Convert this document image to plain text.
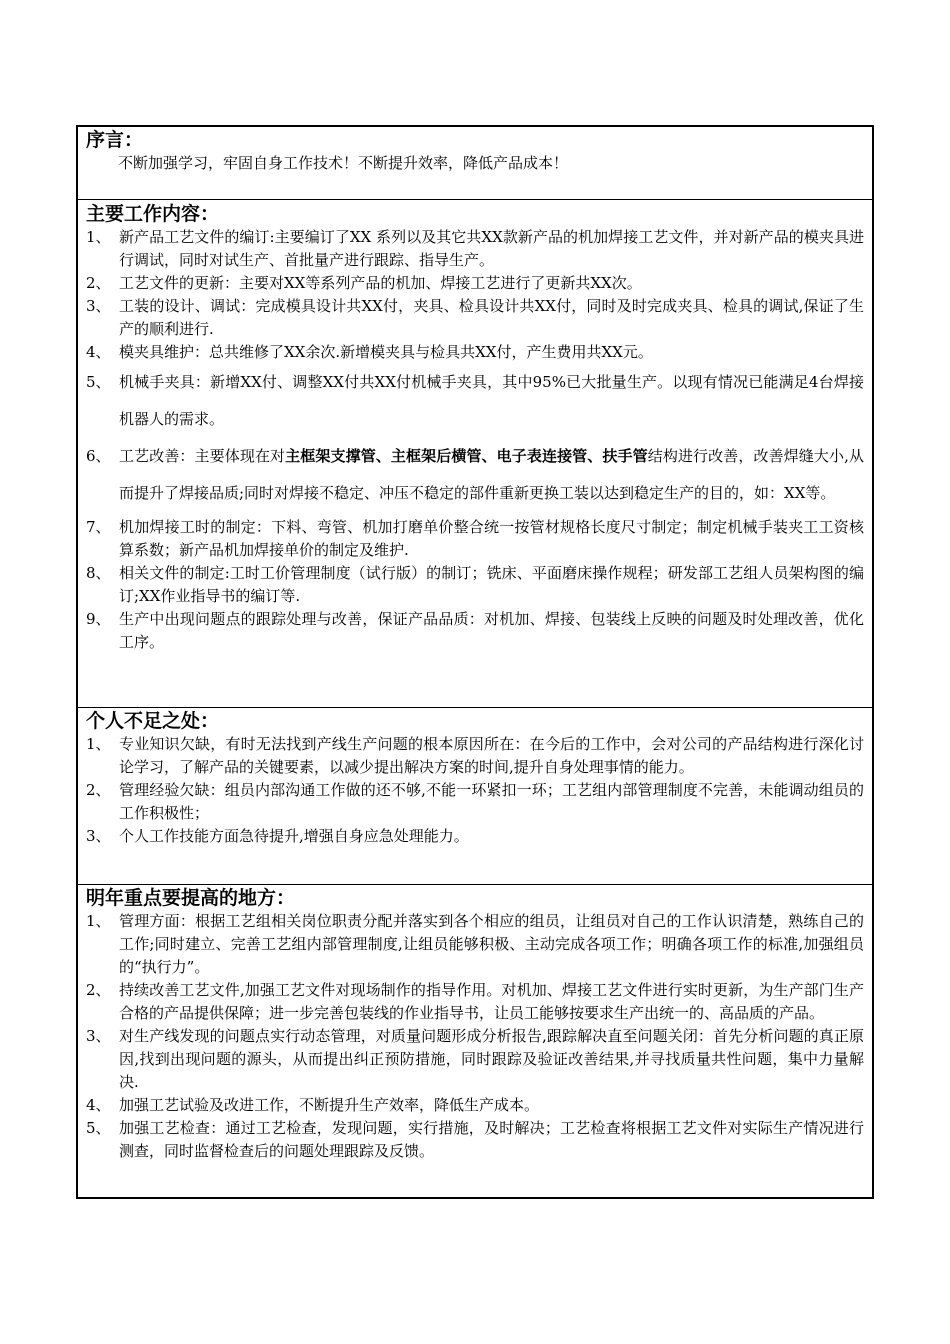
序言：
不断加强学习，牢固自身工作技术！不断提升效率，降低产品成本！
主要工作内容：
1、 新产品工艺文件的编订:主要编订了XX 系列以及其它共XX款新产品的机加焊接工艺文件，并对新产品的模夹具进行调试，同时对试生产、首批量产进行跟踪、指导生产。
2、 工艺文件的更新：主要对XX等系列产品的机加、焊接工艺进行了更新共XX次。
3、 工装的设计、调试：完成模具设计共XX付，夹具、检具设计共XX付，同时及时完成夹具、检具的调试,保证了生产的顺利进行.
4、 模夹具维护：总共维修了XX余次.新增模夹具与检具共XX付，产生费用共XX元。
5、 机械手夹具：新增XX付、调整XX付共XX付机械手夹具，其中95%已大批量生产。以现有情况已能满足4台焊接机器人的需求。
6、 工艺改善：主要体现在对主框架支撑管、主框架后横管、电子表连接管、扶手管结构进行改善，改善焊缝大小,从而提升了焊接品质;同时对焊接不稳定、冲压不稳定的部件重新更换工装以达到稳定生产的目的，如：XX等。
7、 机加焊接工时的制定：下料、弯管、机加打磨单价整合统一按管材规格长度尺寸制定；制定机械手装夹工工资核算系数；新产品机加焊接单价的制定及维护.
8、 相关文件的制定:工时工价管理制度（试行版）的制订；铣床、平面磨床操作规程；研发部工艺组人员架构图的编订;XX作业指导书的编订等.
9、 生产中出现问题点的跟踪处理与改善，保证产品品质：对机加、焊接、包装线上反映的问题及时处理改善，优化工序。
个人不足之处：
1、 专业知识欠缺，有时无法找到产线生产问题的根本原因所在：在今后的工作中，会对公司的产品结构进行深化讨论学习，了解产品的关键要素，以减少提出解决方案的时间,提升自身处理事情的能力。
2、 管理经验欠缺：组员内部沟通工作做的还不够,不能一环紧扣一环；工艺组内部管理制度不完善，未能调动组员的工作积极性；
3、 个人工作技能方面急待提升,增强自身应急处理能力。
明年重点要提高的地方：
1、 管理方面：根据工艺组相关岗位职责分配并落实到各个相应的组员，让组员对自己的工作认识清楚，熟练自己的工作;同时建立、完善工艺组内部管理制度,让组员能够积极、主动完成各项工作；明确各项工作的标准,加强组员的“执行力”。
2、 持续改善工艺文件,加强工艺文件对现场制作的指导作用。对机加、焊接工艺文件进行实时更新，为生产部门生产合格的产品提供保障；进一步完善包装线的作业指导书，让员工能够按要求生产出统一的、高品质的产品。
3、 对生产线发现的问题点实行动态管理，对质量问题形成分析报告,跟踪解决直至问题关闭：首先分析问题的真正原因,找到出现问题的源头，从而提出纠正预防措施，同时跟踪及验证改善结果,并寻找质量共性问题，集中力量解决.
4、 加强工艺试验及改进工作，不断提升生产效率，降低生产成本。
5、 加强工艺检查：通过工艺检查，发现问题，实行措施，及时解决；工艺检查将根据工艺文件对实际生产情况进行测查，同时监督检查后的问题处理跟踪及反馈。
